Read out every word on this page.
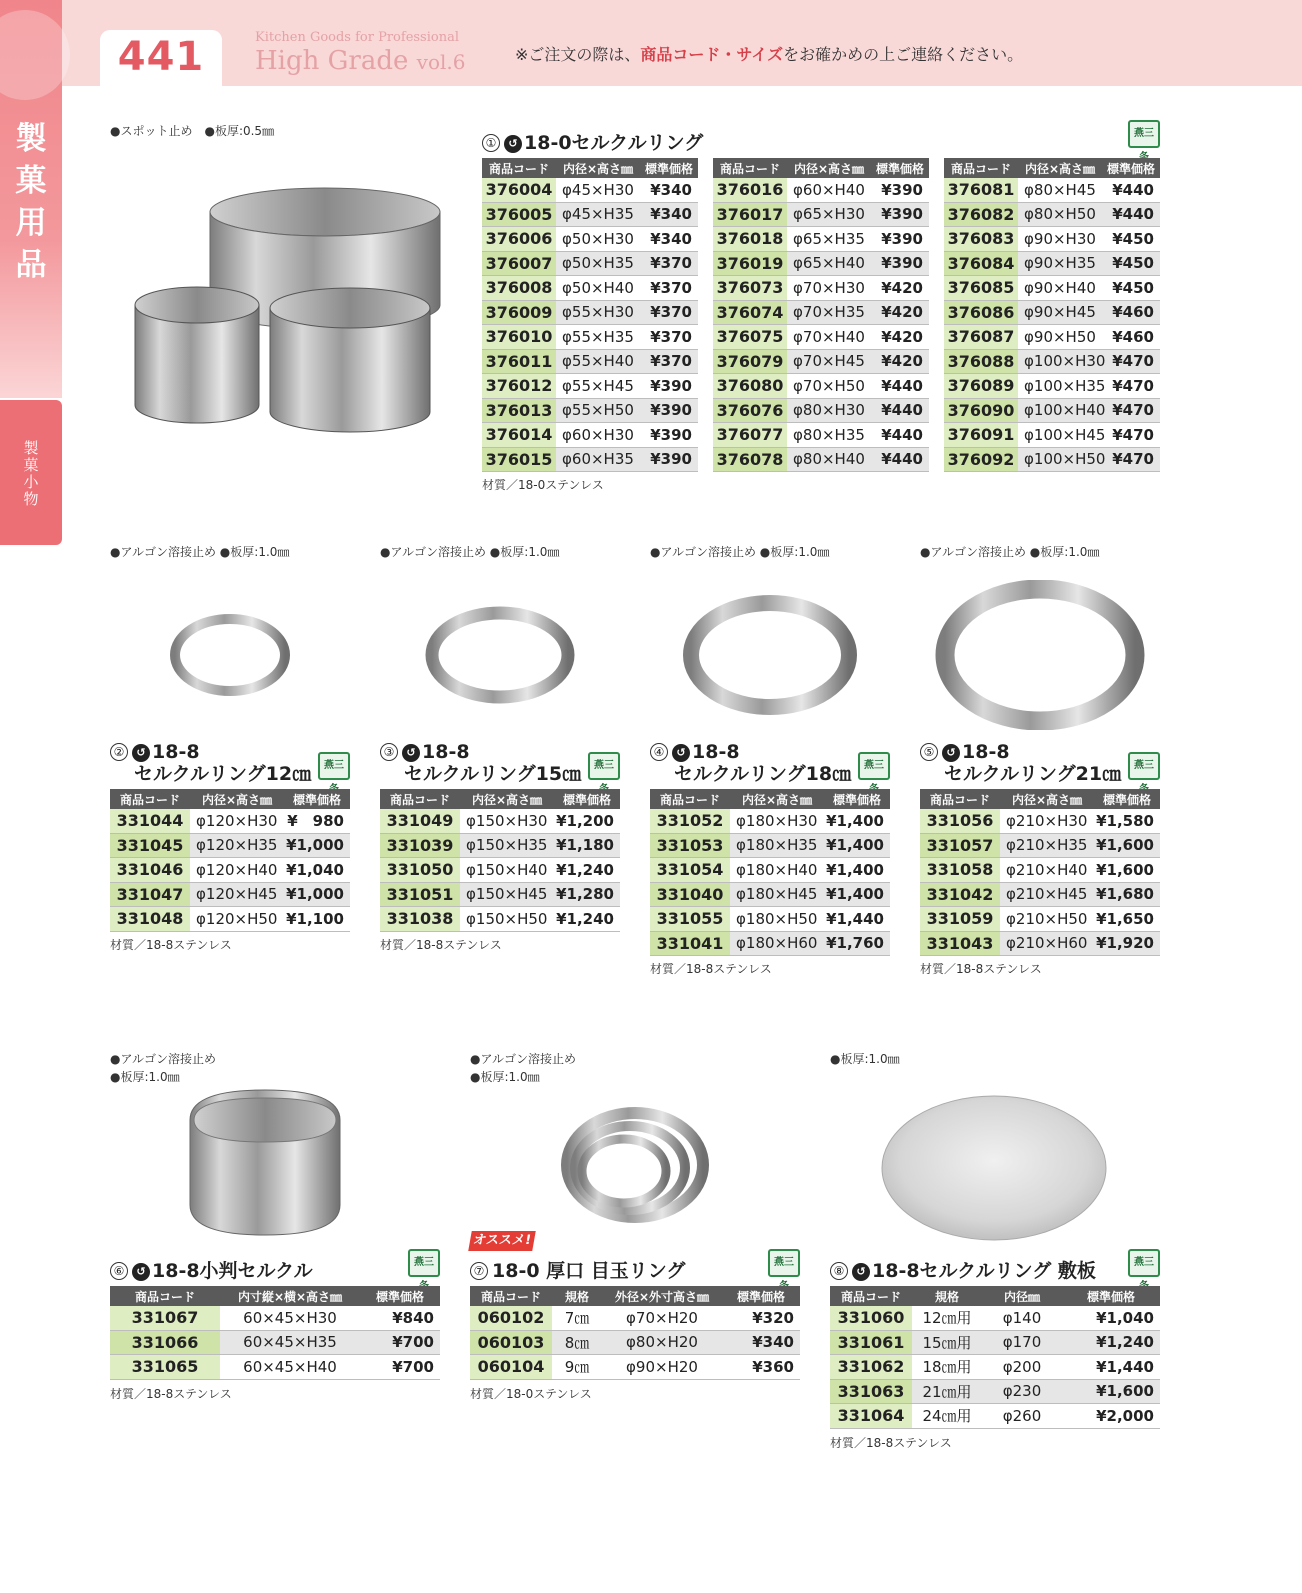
441	Kitchen Goods for Professional
High Grade vol.6	※ご注文の際は、商品コード・サイズをお確かめの上ご連絡ください。
製
菓
用
品
製
菓
小
物
●スポット止め　●板厚:0.5㎜
① ↺ 18-0セルクルリング	燕三
商品コード	内径×高さ㎜ 標準価格
376004 φ45×H30	¥340
376005 φ45×H35	¥340
376006 φ50×H30	¥340
376007 φ50×H35	¥370
376008 φ50×H40	¥370
376009 φ55×H30	¥370
376010 φ55×H35	¥370
376011 φ55×H40	¥370
376012 φ55×H45	¥390
376013 φ55×H50	¥390
376014 φ60×H30	¥390
376015 φ60×H35	¥390
商品コード	内径×高さ㎜ 標準価格
376016 φ60×H40	¥390
376017 φ65×H30	¥390
376018 φ65×H35	¥390
376019 φ65×H40	¥390
376073 φ70×H30	¥420
376074 φ70×H35	¥420
376075 φ70×H40	¥420
376079 φ70×H45	¥420
376080 φ70×H50	¥440
376076 φ80×H30	¥440
376077 φ80×H35	¥440
376078 φ80×H40	¥440
商品コード	内径×高さ㎜ 標準価格
376081 φ80×H45	¥440
376082 φ80×H50	¥440
376083 φ90×H30	¥450
376084 φ90×H35	¥450
376085 φ90×H40	¥450
376086 φ90×H45	¥460
376087 φ90×H50	¥460
376088 φ100×H30 ¥470
376089 φ100×H35 ¥470
376090 φ100×H40 ¥470
376091 φ100×H45 ¥470
376092 φ100×H50 ¥470
材質／18-0ステンレス
●アルゴン溶接止め ●板厚:1.0㎜
② ↺ 18-8
セルクルリング12㎝	燕三
商品コード	内径×高さ㎜	標準価格
331044 φ120×H30 ¥　980
331045 φ120×H35 ¥1,000
331046 φ120×H40 ¥1,040
331047 φ120×H45 ¥1,000
331048 φ120×H50 ¥1,100
材質／18-8ステンレス
●アルゴン溶接止め ●板厚:1.0㎜
③ ↺ 18-8
セルクルリング15㎝	燕三
商品コード	内径×高さ㎜	標準価格
331049 φ150×H30 ¥1,200
331039 φ150×H35 ¥1,180
331050 φ150×H40 ¥1,240
331051 φ150×H45 ¥1,280
331038 φ150×H50 ¥1,240
材質／18-8ステンレス
●アルゴン溶接止め ●板厚:1.0㎜
④ ↺ 18-8
セルクルリング18㎝	燕三
商品コード	内径×高さ㎜	標準価格
331052 φ180×H30 ¥1,400
331053 φ180×H35 ¥1,400
331054 φ180×H40 ¥1,400
331040 φ180×H45 ¥1,400
331055 φ180×H50 ¥1,440
331041 φ180×H60 ¥1,760
材質／18-8ステンレス
●アルゴン溶接止め ●板厚:1.0㎜
⑤ ↺ 18-8
セルクルリング21㎝	燕三
商品コード	内径×高さ㎜	標準価格
331056 φ210×H30 ¥1,580
331057 φ210×H35 ¥1,600
331058 φ210×H40 ¥1,600
331042 φ210×H45 ¥1,680
331059 φ210×H50 ¥1,650
331043 φ210×H60 ¥1,920
材質／18-8ステンレス
●アルゴン溶接止め
●板厚:1.0㎜
⑥ ↺ 18-8小判セルクル	燕三
商品コード	内寸縦×横×高さ㎜	標準価格
331067	60×45×H30	¥840
331066	60×45×H35	¥700
331065	60×45×H40	¥700
材質／18-8ステンレス
●アルゴン溶接止め
●板厚:1.0㎜
オススメ!
⑦ 18-0 厚口 目玉リング	燕三
商品コード	規格	外径×外寸高さ㎜	標準価格
060102	7㎝	φ70×H20	¥320
060103	8㎝	φ80×H20	¥340
060104	9㎝	φ90×H20	¥360
材質／18-0ステンレス
●板厚:1.0㎜
⑧ ↺ 18-8セルクルリング 敷板	燕三
商品コード	規格	内径㎜	標準価格
331060	12㎝用	φ140	¥1,040
331061	15㎝用	φ170	¥1,240
331062	18㎝用	φ200	¥1,440
331063	21㎝用	φ230	¥1,600
331064	24㎝用	φ260	¥2,000
材質／18-8ステンレス
